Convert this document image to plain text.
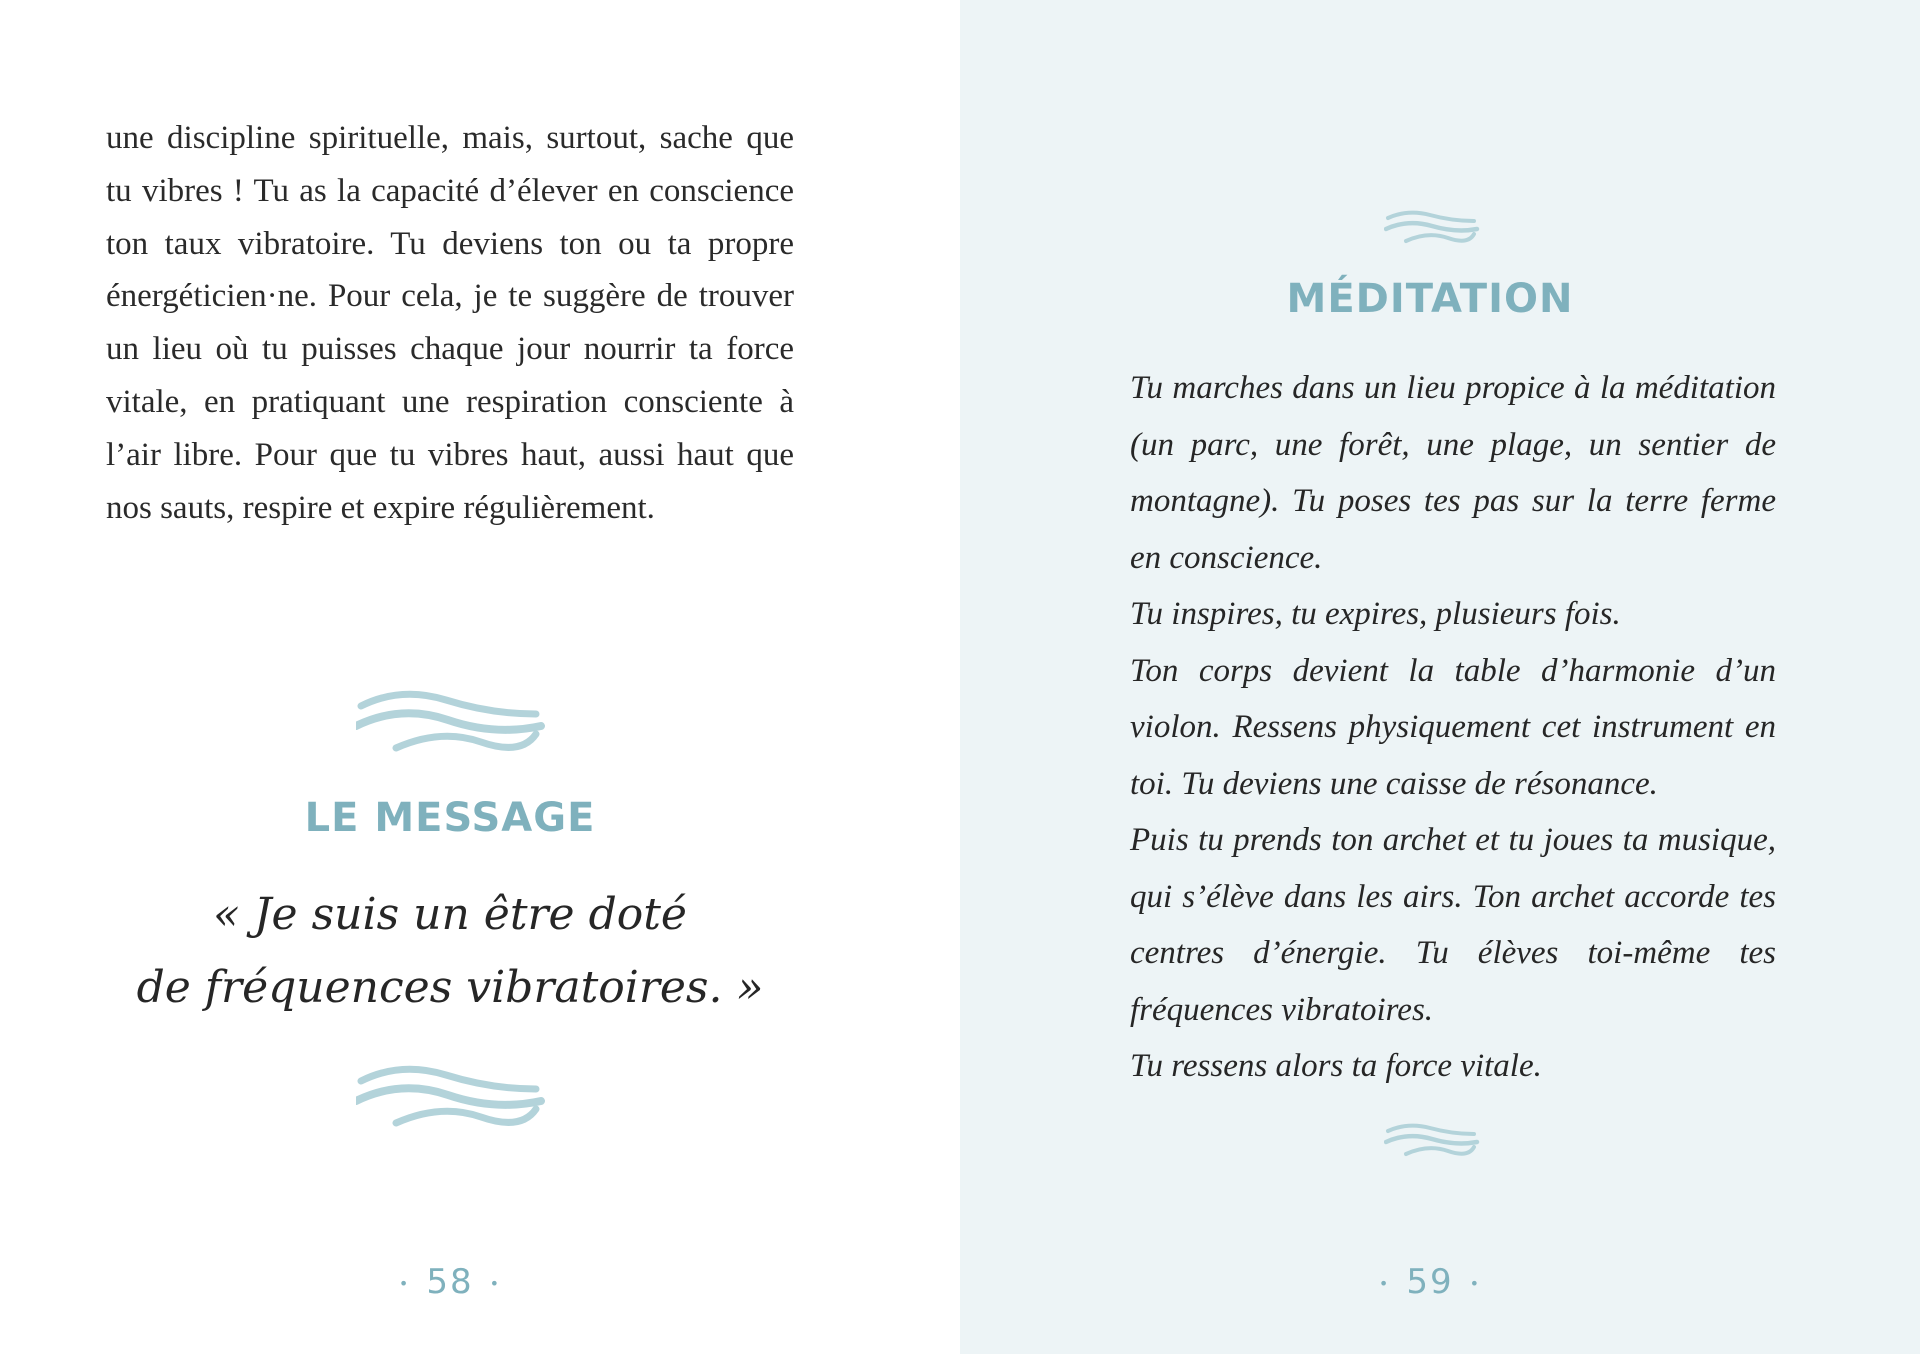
une discipline spirituelle, mais, surtout, sache que tu vibres ! Tu as la capacité d’élever en conscience ton taux vibratoire. Tu deviens ton ou ta propre énergéticien·ne. Pour cela, je te suggère de trouver un lieu où tu puisses chaque jour nourrir ta force vitale, en pratiquant une respiration consciente à l’air libre. Pour que tu vibres haut, aussi haut que nos sauts, respire et expire régulièrement.

LE MESSAGE
« Je suis un être doté
de fréquences vibratoires. »
• 58 •
MÉDITATION

Tu marches dans un lieu propice à la méditation (un parc, une forêt, une plage, un sentier de montagne). Tu poses tes pas sur la terre ferme en conscience.

Tu inspires, tu expires, plusieurs fois.

Ton corps devient la table d’harmonie d’un violon. Ressens physiquement cet instrument en toi. Tu deviens une caisse de résonance.

Puis tu prends ton archet et tu joues ta musique, qui s’élève dans les airs. Ton archet accorde tes centres d’énergie. Tu élèves toi-même tes fréquences vibratoires.

Tu ressens alors ta force vitale.

• 59 •
